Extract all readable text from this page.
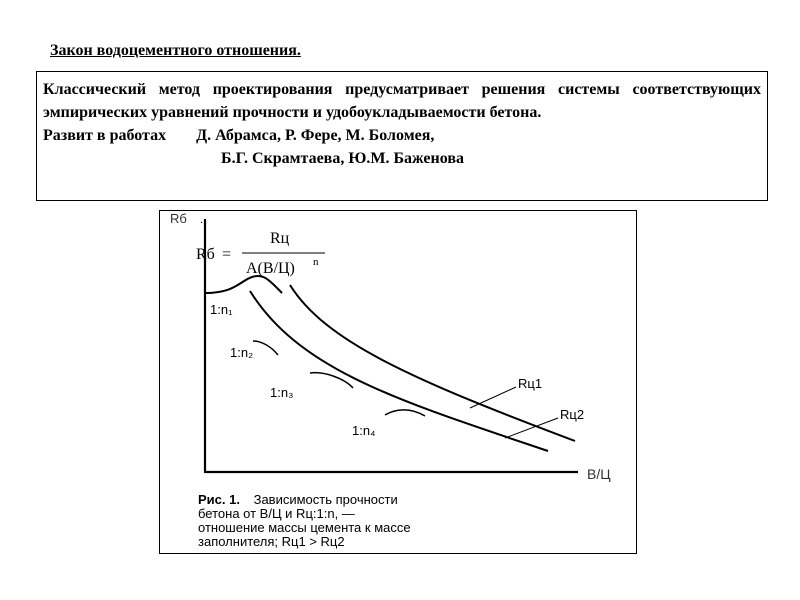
Закон водоцементного отношения.

Классический метод проектирования предусматривает решения системы соответствующих эмпирических уравнений прочности и удобоукладываемости бетона.

Развит в работах Д. Абрамса, Р. Фере, М. Боломея,
Б.Г. Скрамтаева, Ю.М. Баженова
Rб .
В/Ц
Rб =
Rц
A(В/Ц) n
1:n₁
1:n₂
1:n₃
1:n₄
Rц1
Rц2
Рис. 1. Зависимость прочности
бетона от В/Ц и Rц:1:n, —
отношение массы цемента к массе
заполнителя; Rц1 > Rц2
